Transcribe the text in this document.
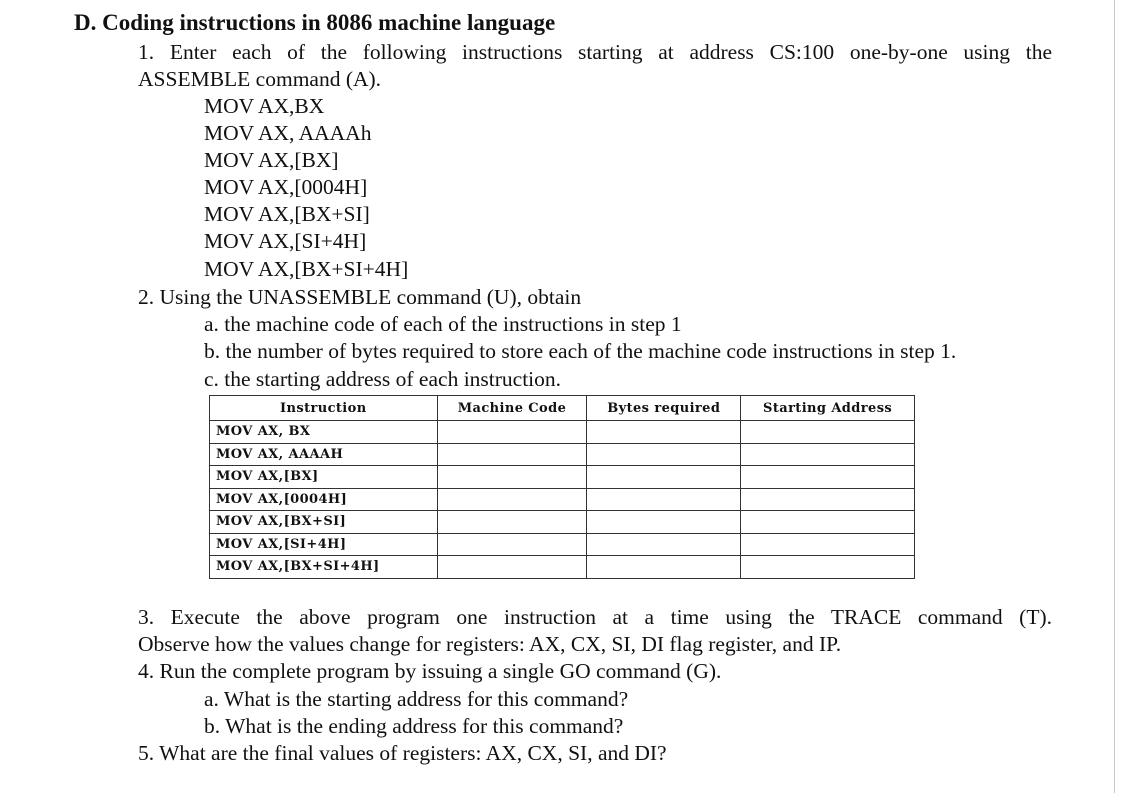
D. Coding instructions in 8086 machine language
1. Enter each of the following instructions starting at address CS:100 one-by-one using the
ASSEMBLE command (A).
MOV AX,BX
MOV AX, AAAAh
MOV AX,[BX]
MOV AX,[0004H]
MOV AX,[BX+SI]
MOV AX,[SI+4H]
MOV AX,[BX+SI+4H]
2. Using the UNASSEMBLE command (U), obtain
a. the machine code of each of the instructions in step 1
b. the number of bytes required to store each of the machine code instructions in step 1.
c. the starting address of each instruction.
Instruction	Machine Code	Bytes required	Starting Address
MOV AX, BX			
MOV AX, AAAAH			
MOV AX,[BX]			
MOV AX,[0004H]			
MOV AX,[BX+SI]			
MOV AX,[SI+4H]			
MOV AX,[BX+SI+4H]			
3. Execute the above program one instruction at a time using the TRACE command (T).
Observe how the values change for registers: AX, CX, SI, DI flag register, and IP.
4. Run the complete program by issuing a single GO command (G).
a. What is the starting address for this command?
b. What is the ending address for this command?
5. What are the final values of registers: AX, CX, SI, and DI?
